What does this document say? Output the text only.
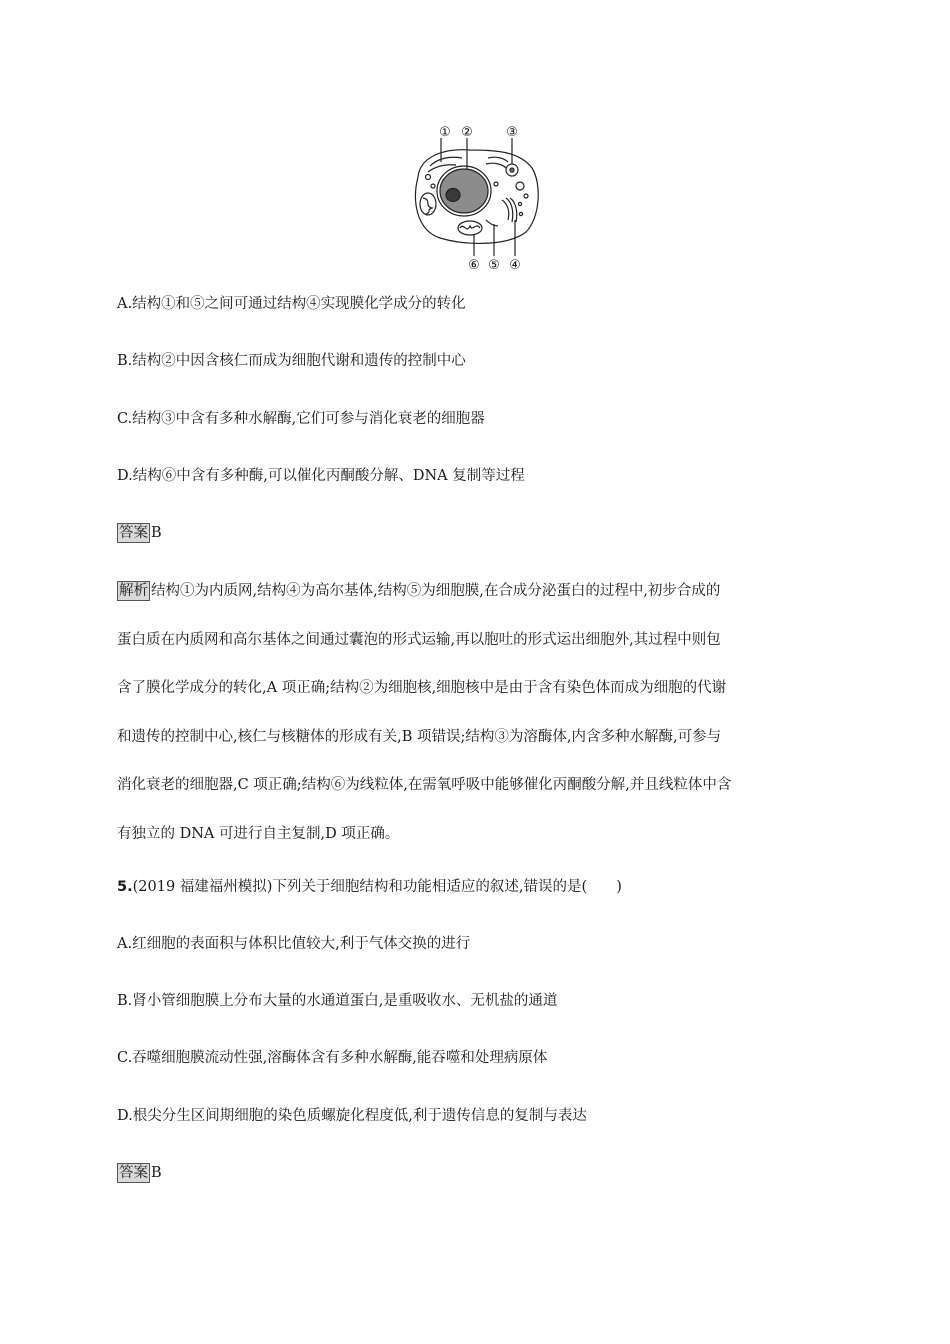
① ②	③
⑥ ⑤ ④
A.结构①和⑤之间可通过结构④实现膜化学成分的转化
B.结构②中因含核仁而成为细胞代谢和遗传的控制中心
C.结构③中含有多种水解酶,它们可参与消化衰老的细胞器
D.结构⑥中含有多种酶,可以催化丙酮酸分解、DNA 复制等过程
答案 B
解析 结构①为内质网,结构④为高尔基体,结构⑤为细胞膜,在合成分泌蛋白的过程中,初步合成的
蛋白质在内质网和高尔基体之间通过囊泡的形式运输,再以胞吐的形式运出细胞外,其过程中则包
含了膜化学成分的转化,A 项正确;结构②为细胞核,细胞核中是由于含有染色体而成为细胞的代谢
和遗传的控制中心,核仁与核糖体的形成有关,B 项错误;结构③为溶酶体,内含多种水解酶,可参与
消化衰老的细胞器,C 项正确;结构⑥为线粒体,在需氧呼吸中能够催化丙酮酸分解,并且线粒体中含
有独立的 DNA 可进行自主复制,D 项正确。
5.(2019 福建福州模拟)下列关于细胞结构和功能相适应的叙述,错误的是(　　)
A.红细胞的表面积与体积比值较大,利于气体交换的进行
B.肾小管细胞膜上分布大量的水通道蛋白,是重吸收水、无机盐的通道
C.吞噬细胞膜流动性强,溶酶体含有多种水解酶,能吞噬和处理病原体
D.根尖分生区间期细胞的染色质螺旋化程度低,利于遗传信息的复制与表达
答案 B
